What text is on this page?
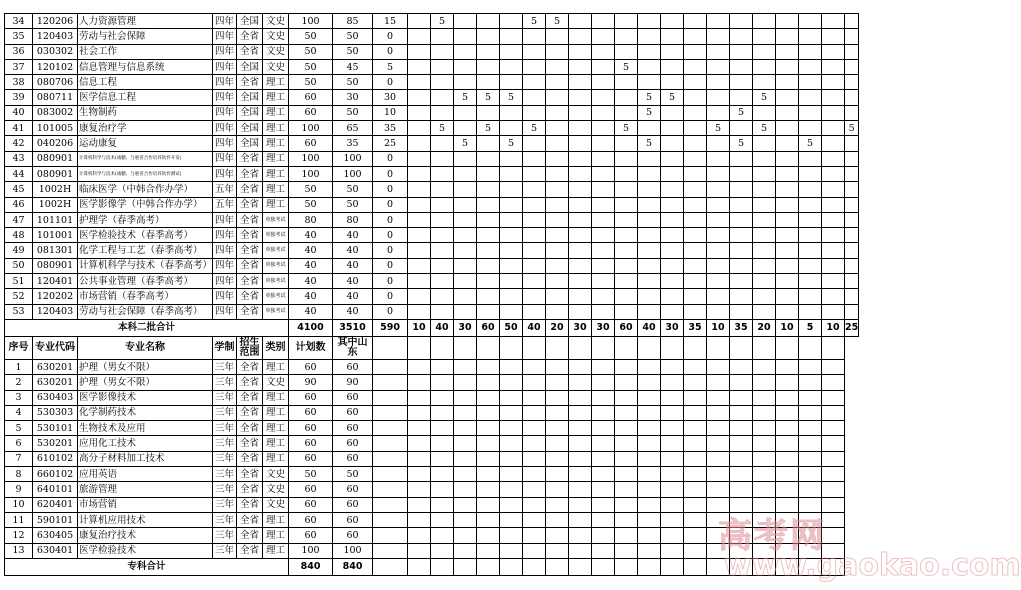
34	120206	人力资源管理	四年	全国	文史	100	85	15		5				5	5													
35	120403	劳动与社会保障	四年	全省	文史	50	50	0																				
36	030302	社会工作	四年	全省	文史	50	50	0																				
37	120102	信息管理与信息系统	四年	全国	文史	50	45	5										5										
38	080706	信息工程	四年	全省	理工	50	50	0																				
39	080711	医学信息工程	四年	全国	理工	60	30	30			5	5	5						5	5				5				
40	083002	生物制药	四年	全国	理工	60	50	10											5				5					
41	101005	康复治疗学	四年	全国	理工	100	65	35		5		5		5				5				5		5				5
42	040206	运动康复	四年	全国	理工	60	35	25			5		5						5				5			5		
43	080901	计算机科学与技术(诚鹏、与惠普合作培养软件开发)	四年	全省	理工	100	100	0																				
44	080901	计算机科学与技术(诚鹏、与惠普合作培养软件测试)	四年	全省	理工	100	100	0																				
45	1002H	临床医学（中韩合作办学）	五年	全省	理工	50	50	0																				
46	1002H	医学影像学（中韩合作办学）	五年	全省	理工	50	50	0																				
47	101101	护理学（春季高考）	四年	全省	单独考试	80	80	0																				
48	101001	医学检验技术（春季高考）	四年	全省	单独考试	40	40	0																				
49	081301	化学工程与工艺（春季高考）	四年	全省	单独考试	40	40	0																				
50	080901	计算机科学与技术（春季高考）	四年	全省	单独考试	40	40	0																				
51	120401	公共事业管理（春季高考）	四年	全省	单独考试	40	40	0																				
52	120202	市场营销（春季高考）	四年	全省	单独考试	40	40	0																				
53	120403	劳动与社会保障（春季高考）	四年	全省	单独考试	40	40	0																				
本科二批合计						4100	3510	590	10	40	30	60	50	40	20	30	30	60	40	30	35	10	35	20	10	5	10	25
序号	专业代码	专业名称	学制	招生范围	类别	计划数	其中山东																					
1	630201	护理（男女不限）	三年	全省	理工	60	60																					
2	630201	护理（男女不限）	三年	全省	文史	90	90																					
3	630403	医学影像技术	三年	全省	理工	60	60																					
4	530303	化学制药技术	三年	全省	理工	60	60																					
5	530101	生物技术及应用	三年	全省	理工	60	60																					
6	530201	应用化工技术	三年	全省	理工	60	60																					
7	610102	高分子材料加工技术	三年	全省	理工	60	60																					
8	660102	应用英语	三年	全省	文史	50	50																					
9	640101	旅游管理	三年	全省	文史	60	60																					
10	620401	市场营销	三年	全省	文史	60	60																					
11	590101	计算机应用技术	三年	全省	理工	60	60																					
12	630405	康复治疗技术	三年	全省	理工	60	60																					
13	630401	医学检验技术	三年	全省	理工	100	100																					
专科合计						840	840																					
高考网
www.gaokao.com
